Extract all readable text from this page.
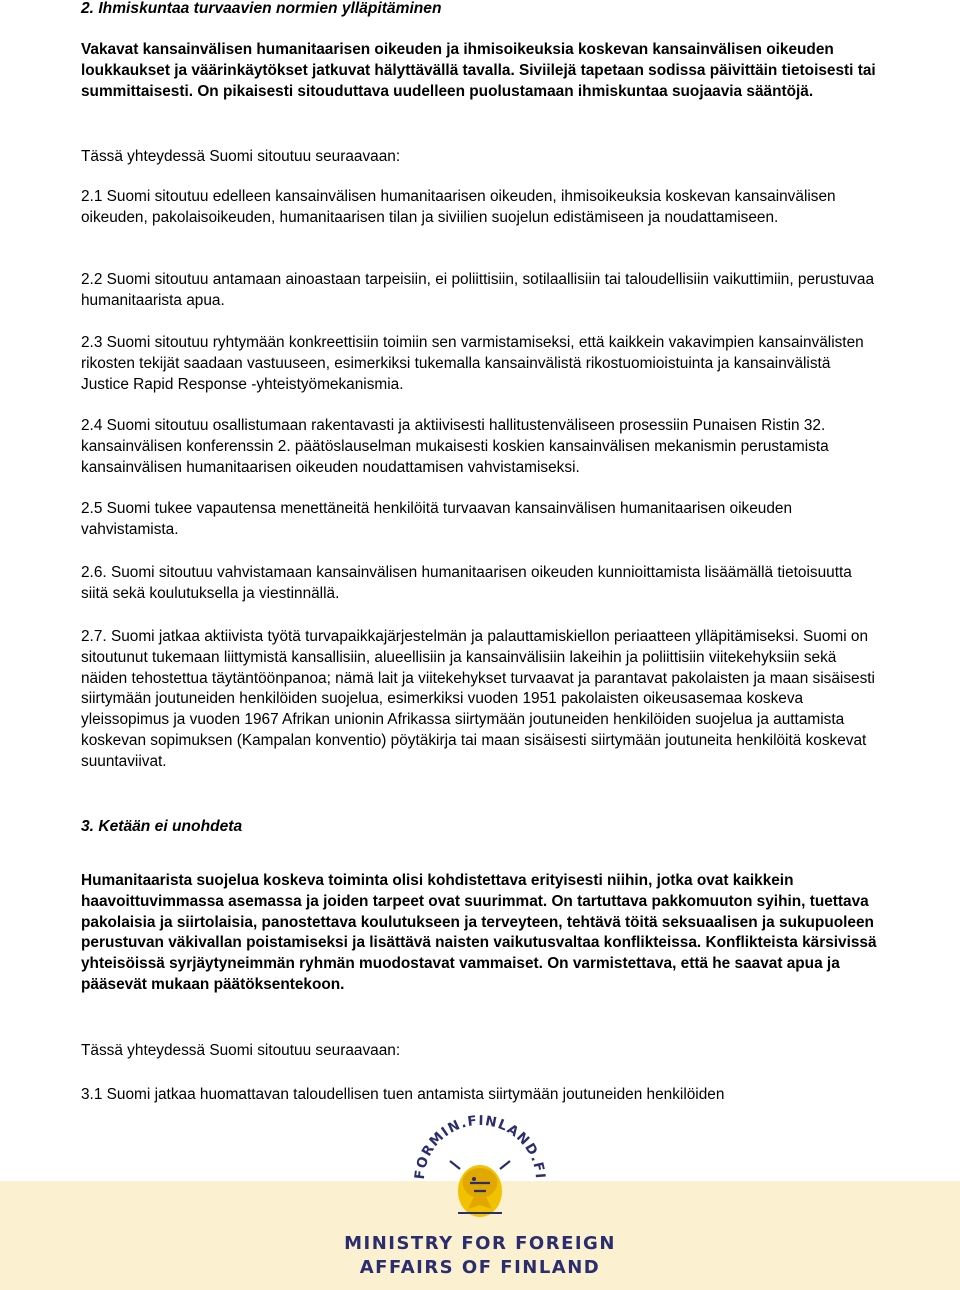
2. Ihmiskuntaa turvaavien normien ylläpitäminen

Vakavat kansainvälisen humanitaarisen oikeuden ja ihmisoikeuksia koskevan kansainvälisen oikeuden loukkaukset ja väärinkäytökset jatkuvat hälyttävällä tavalla. Siviilejä tapetaan sodissa päivittäin tietoisesti tai summittaisesti. On pikaisesti sitouduttava uudelleen puolustamaan ihmiskuntaa suojaavia sääntöjä.

Tässä yhteydessä Suomi sitoutuu seuraavaan:

2.1 Suomi sitoutuu edelleen kansainvälisen humanitaarisen oikeuden, ihmisoikeuksia koskevan kansainvälisen oikeuden, pakolaisoikeuden, humanitaarisen tilan ja siviilien suojelun edistämiseen ja noudattamiseen.

2.2 Suomi sitoutuu antamaan ainoastaan tarpeisiin, ei poliittisiin, sotilaallisiin tai taloudellisiin vaikuttimiin, perustuvaa humanitaarista apua.

2.3 Suomi sitoutuu ryhtymään konkreettisiin toimiin sen varmistamiseksi, että kaikkein vakavimpien kansainvälisten rikosten tekijät saadaan vastuuseen, esimerkiksi tukemalla kansainvälistä rikostuomioistuinta ja kansainvälistä Justice Rapid Response -yhteistyömekanismia.

2.4 Suomi sitoutuu osallistumaan rakentavasti ja aktiivisesti hallitustenväliseen prosessiin Punaisen Ristin 32. kansainvälisen konferenssin 2. päätöslauselman mukaisesti koskien kansainvälisen mekanismin perustamista kansainvälisen humanitaarisen oikeuden noudattamisen vahvistamiseksi.

2.5 Suomi tukee vapautensa menettäneitä henkilöitä turvaavan kansainvälisen humanitaarisen oikeuden vahvistamista.

2.6. Suomi sitoutuu vahvistamaan kansainvälisen humanitaarisen oikeuden kunnioittamista lisäämällä tietoisuutta siitä sekä koulutuksella ja viestinnällä.

2.7. Suomi jatkaa aktiivista työtä turvapaikkajärjestelmän ja palauttamiskiellon periaatteen ylläpitämiseksi. Suomi on sitoutunut tukemaan liittymistä kansallisiin, alueellisiin ja kansainvälisiin lakeihin ja poliittisiin viitekehyksiin sekä näiden tehostettua täytäntöönpanoa; nämä lait ja viitekehykset turvaavat ja parantavat pakolaisten ja maan sisäisesti siirtymään joutuneiden henkilöiden suojelua, esimerkiksi vuoden 1951 pakolaisten oikeusasemaa koskeva yleissopimus ja vuoden 1967 Afrikan unionin Afrikassa siirtymään joutuneiden henkilöiden suojelua ja auttamista koskevan sopimuksen (Kampalan konventio) pöytäkirja tai maan sisäisesti siirtymään joutuneita henkilöitä koskevat suuntaviivat.

3. Ketään ei unohdeta

Humanitaarista suojelua koskeva toiminta olisi kohdistettava erityisesti niihin, jotka ovat kaikkein haavoittuvimmassa asemassa ja joiden tarpeet ovat suurimmat. On tartuttava pakkomuuton syihin, tuettava pakolaisia ja siirtolaisia, panostettava koulutukseen ja terveyteen, tehtävä töitä seksuaalisen ja sukupuoleen perustuvan väkivallan poistamiseksi ja lisättävä naisten vaikutusvaltaa konflikteissa. Konflikteista kärsivissä yhteisöissä syrjäytyneimmän ryhmän muodostavat vammaiset. On varmistettava, että he saavat apua ja pääsevät mukaan päätöksentekoon.

Tässä yhteydessä Suomi sitoutuu seuraavaan:

3.1 Suomi jatkaa huomattavan taloudellisen tuen antamista siirtymään joutuneiden henkilöiden

MINISTRY FOR FOREIGN
AFFAIRS OF FINLAND
FORMIN.FINLAND.FI
